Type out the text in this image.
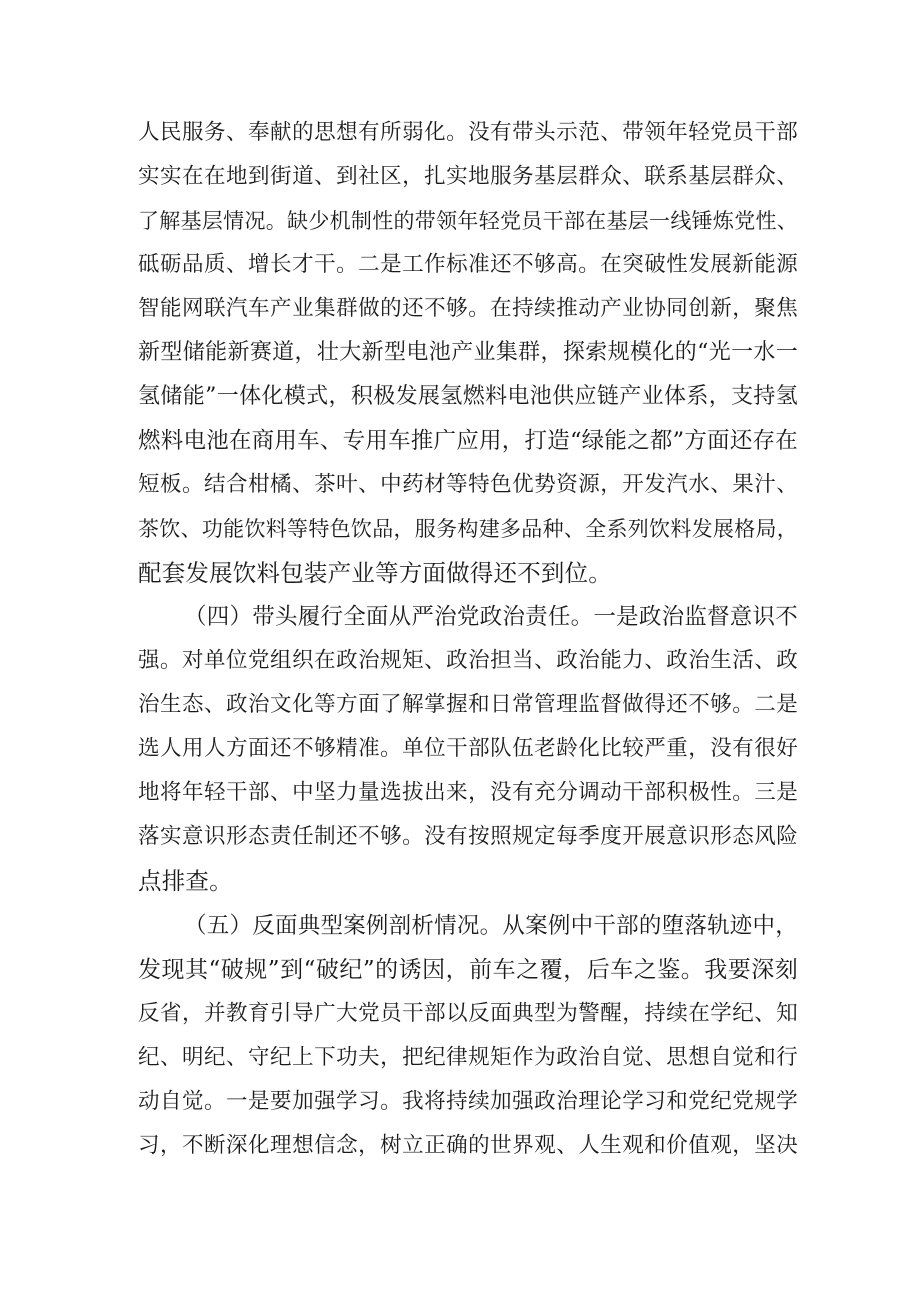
人民服务、奉献的思想有所弱化。没有带头示范、带领年轻党员干部
实实在在地到街道、到社区，扎实地服务基层群众、联系基层群众、
了解基层情况。缺少机制性的带领年轻党员干部在基层一线锤炼党性、
砥砺品质、增长才干。二是工作标准还不够高。在突破性发展新能源
智能网联汽车产业集群做的还不够。在持续推动产业协同创新，聚焦
新型储能新赛道，壮大新型电池产业集群，探索规模化的“光一水一
氢储能”一体化模式，积极发展氢燃料电池供应链产业体系，支持氢
燃料电池在商用车、专用车推广应用，打造“绿能之都”方面还存在
短板。结合柑橘、茶叶、中药材等特色优势资源，开发汽水、果汁、
茶饮、功能饮料等特色饮品，服务构建多品种、全系列饮料发展格局，
配套发展饮料包装产业等方面做得还不到位。
（四）带头履行全面从严治党政治责任。一是政治监督意识不
强。对单位党组织在政治规矩、政治担当、政治能力、政治生活、政
治生态、政治文化等方面了解掌握和日常管理监督做得还不够。二是
选人用人方面还不够精准。单位干部队伍老龄化比较严重，没有很好
地将年轻干部、中坚力量选拔出来，没有充分调动干部积极性。三是
落实意识形态责任制还不够。没有按照规定每季度开展意识形态风险
点排查。
（五）反面典型案例剖析情况。从案例中干部的堕落轨迹中，
发现其“破规”到“破纪”的诱因，前车之覆，后车之鉴。我要深刻
反省，并教育引导广大党员干部以反面典型为警醒，持续在学纪、知
纪、明纪、守纪上下功夫，把纪律规矩作为政治自觉、思想自觉和行
动自觉。一是要加强学习。我将持续加强政治理论学习和党纪党规学
习，不断深化理想信念，树立正确的世界观、人生观和价值观，坚决
